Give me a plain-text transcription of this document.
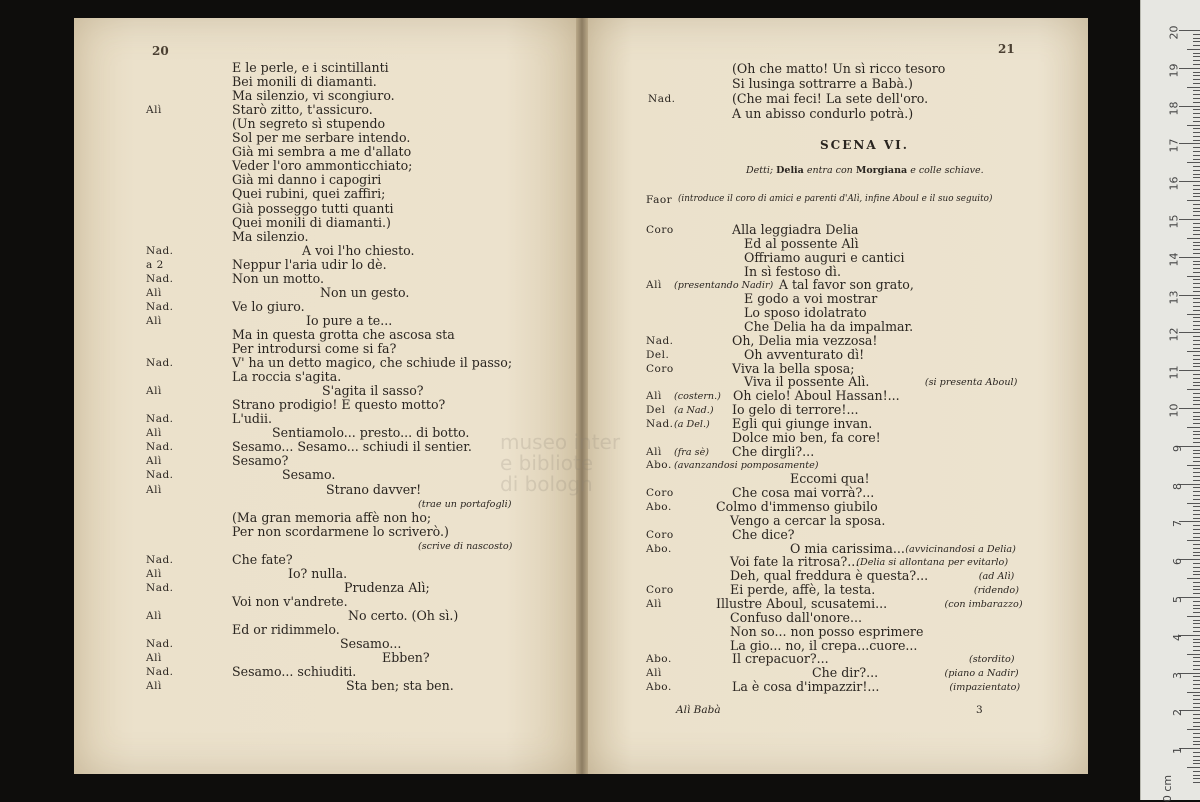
20	21
E le perle, e i scintillanti
Bei monili di diamanti.
Ma silenzio, vi scongiuro.
Alì	Starò zitto, t'assicuro.
(Un segreto sì stupendo
Sol per me serbare intendo.
Già mi sembra a me d'allato
Veder l'oro ammonticchiato;
Già mi danno i capogiri
Quei rubini, quei zaffiri;
Già posseggo tutti quanti
Quei monili di diamanti.)
Ma silenzio.
Nad.	A voi l'ho chiesto.
a 2	Neppur l'aria udir lo dè.
Nad.	Non un motto.
Alì	Non un gesto.
Nad.	Ve lo giuro.
Alì	Io pure a te...
Ma in questa grotta che ascosa sta
Per introdursi come si fa?
Nad.	V' ha un detto magico, che schiude il passo;
La roccia s'agita.
Alì	S'agita il sasso?
Strano prodigio! E questo motto?
Nad.	L'udii.
Alì	Sentiamolo... presto... di botto.
Nad.	Sesamo... Sesamo... schiudi il sentier.
Alì	Sesamo?
Nad.	Sesamo.
Alì	Strano davver!
(trae un portafogli)
(Ma gran memoria affè non ho;
Per non scordarmene lo scriverò.)
(scrive di nascosto)
Nad.	Che fate?
Alì	Io? nulla.
Nad.	Prudenza Alì;
Voi non v'andrete.
Alì	No certo. (Oh sì.)
Ed or ridimmelo.
Nad.	Sesamo...
Alì	Ebben?
Nad.	Sesamo... schiuditi.
Alì	Sta ben; sta ben.
(Oh che matto! Un sì ricco tesoro
Si lusinga sottrarre a Babà.)
Nad.	(Che mai feci! La sete dell'oro.
A un abisso condurlo potrà.)
SCENA VI.
Detti; Delia entra con Morgiana e colle schiave.
Faor (introduce il coro di amici e parenti d'Alì, infine Aboul e il suo seguito)
Coro	Alla leggiadra Delia
Ed al possente Alì
Offriamo auguri e cantici
In sì festoso dì.
Alì (presentando Nadir) A tal favor son grato,
E godo a voi mostrar
Lo sposo idolatrato
Che Delia ha da impalmar.
Nad.	Oh, Delia mia vezzosa!
Del.	Oh avventurato dì!
Coro	Viva la bella sposa;
Viva il possente Alì.	(si presenta Aboul)
Alì (costern.) Oh cielo! Aboul Hassan!...
Del (a Nad.) Io gelo di terrore!...
Nad. (a Del.) Egli qui giunge invan.
Dolce mio ben, fa core!
Alì (fra sè) Che dirgli?...
Abo. (avanzandosi pomposamente)
Eccomi qua!
Coro	Che cosa mai vorrà?...
Abo.	Colmo d'immenso giubilo
Vengo a cercar la sposa.
Coro	Che dice?
Abo.	O mia carissima... (avvicinandosi a Delia)
Voi fate la ritrosa?...
(Delia si allontana per evitarlo)
Deh, qual freddura è questa?...	(ad Alì)
Coro	Ei perde, affè, la testa.	(ridendo)
Alì	Illustre Aboul, scusatemi...	(con imbarazzo)
Confuso dall'onore...
Non so... non posso esprimere
La gio... no, il crepa...cuore...
Abo.	Il crepacuor?...	(stordito)
Alì	Che dir?...	(piano a Nadir)
Abo.	La è cosa d'impazzir!...	(impazientato)
Alì Babà	3
museo inter
e bibliote
di bologn
20
19
18
17
16
15
14
13
12
11
10
9
8
7
6
5
4
3
2
1
0 cm
